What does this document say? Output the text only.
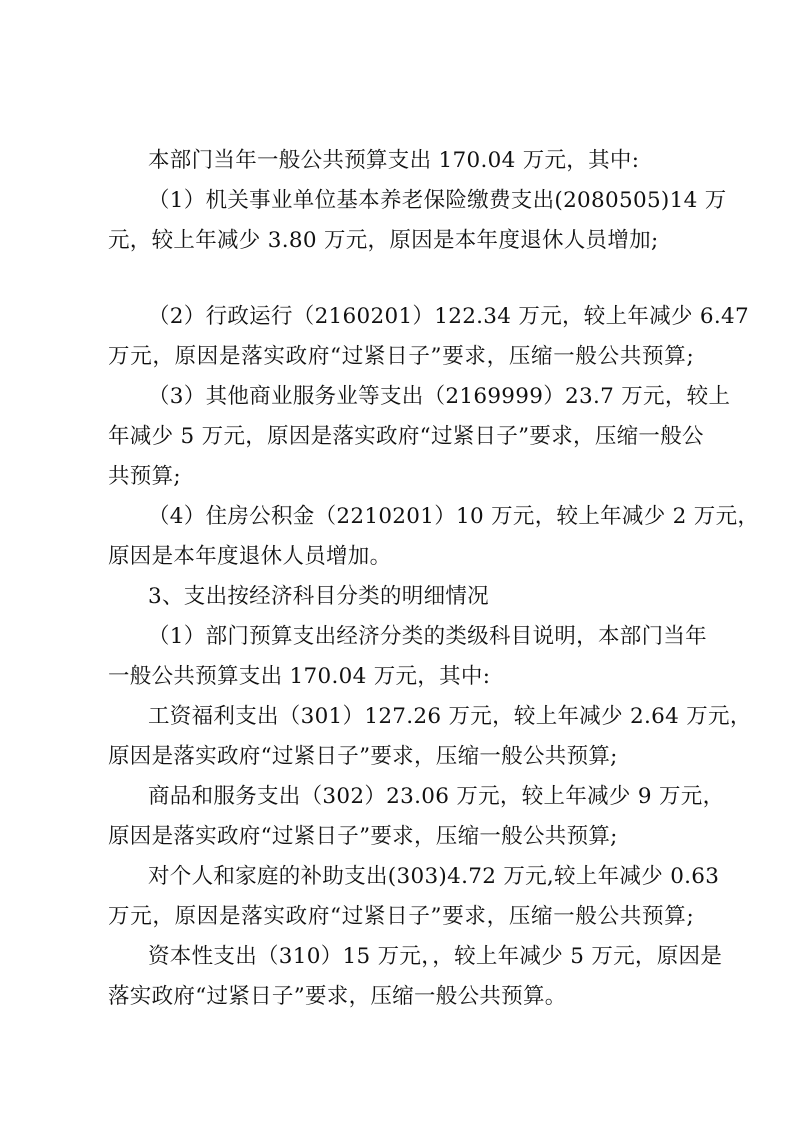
本部门当年一般公共预算支出 170.04 万元，其中:
（1）机关事业单位基本养老保险缴费支出(2080505)14 万
元，较上年减少 3.80 万元，原因是本年度退休人员增加;
（2）行政运行（2160201）122.34 万元，较上年减少 6.47
万元，原因是落实政府“过紧日子”要求，压缩一般公共预算;
（3）其他商业服务业等支出（2169999）23.7 万元，较上
年减少 5 万元，原因是落实政府“过紧日子”要求，压缩一般公
共预算;
（4）住房公积金（2210201）10 万元，较上年减少 2 万元，
原因是本年度退休人员增加。
3、支出按经济科目分类的明细情况
（1）部门预算支出经济分类的类级科目说明，本部门当年
一般公共预算支出 170.04 万元，其中:
工资福利支出（301）127.26 万元，较上年减少 2.64 万元，
原因是落实政府“过紧日子”要求，压缩一般公共预算;
商品和服务支出（302）23.06 万元，较上年减少 9 万元，
原因是落实政府“过紧日子”要求，压缩一般公共预算;
对个人和家庭的补助支出(303)4.72 万元,较上年减少 0.63
万元，原因是落实政府“过紧日子”要求，压缩一般公共预算;
资本性支出（310）15 万元，，较上年减少 5 万元，原因是
落实政府“过紧日子”要求，压缩一般公共预算。
